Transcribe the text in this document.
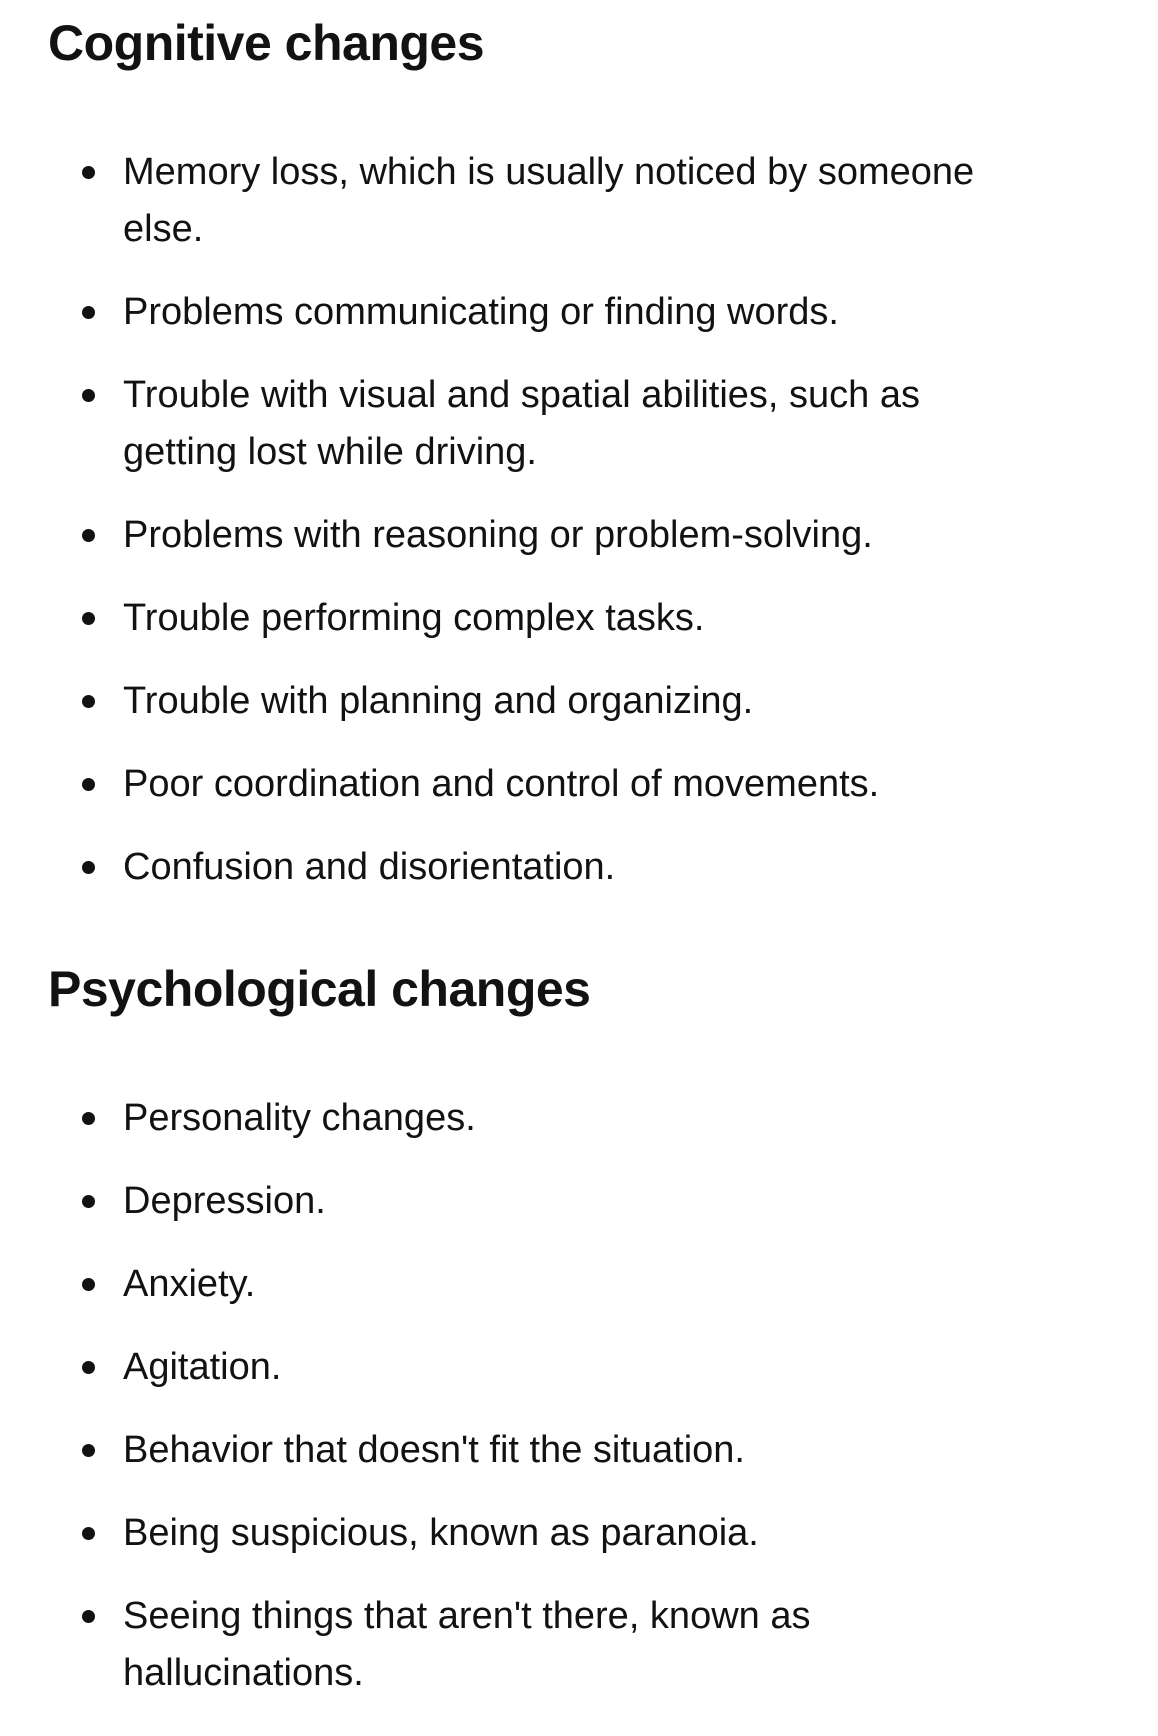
Cognitive changes
Memory loss, which is usually noticed by someone else.
Problems communicating or finding words.
Trouble with visual and spatial abilities, such as getting lost while driving.
Problems with reasoning or problem-solving.
Trouble performing complex tasks.
Trouble with planning and organizing.
Poor coordination and control of movements.
Confusion and disorientation.
Psychological changes
Personality changes.
Depression.
Anxiety.
Agitation.
Behavior that doesn't fit the situation.
Being suspicious, known as paranoia.
Seeing things that aren't there, known as hallucinations.
